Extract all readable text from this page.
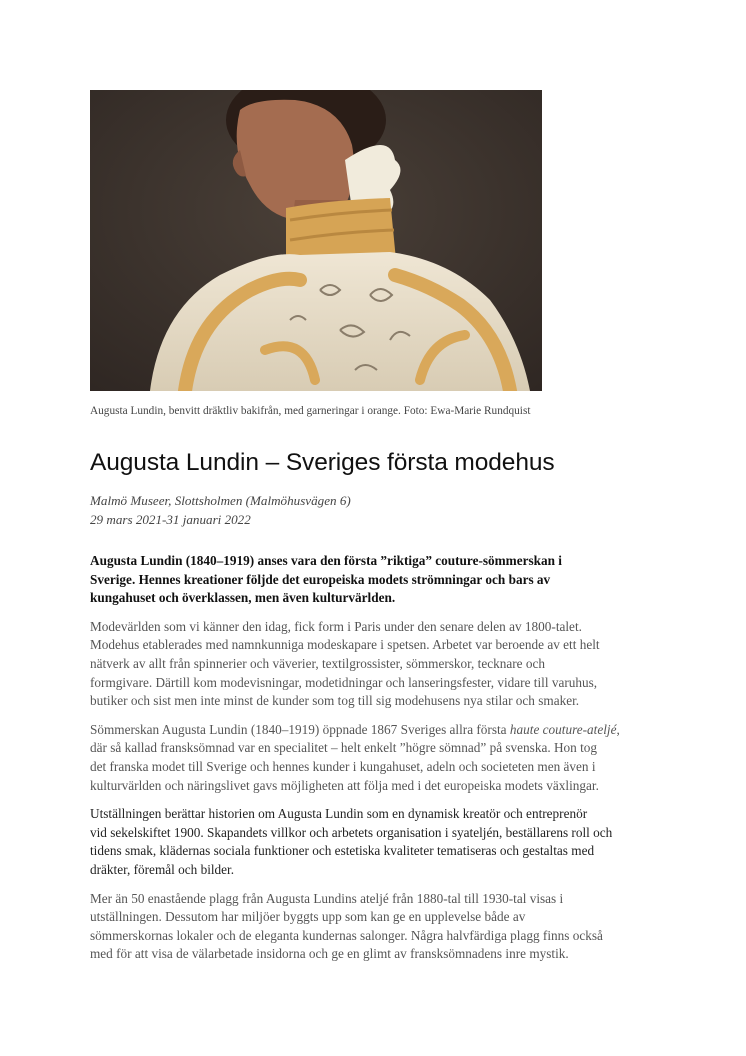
Augusta Lundin, benvitt dräktliv bakifrån, med garneringar i orange. Foto: Ewa-Marie Rundquist
Augusta Lundin – Sveriges första modehus
Malmö Museer, Slottsholmen (Malmöhusvägen 6)
29 mars 2021-31 januari 2022

Augusta Lundin (1840–1919) anses vara den första ”riktiga” couture-sömmerskan i
Sverige. Hennes kreationer följde det europeiska modets strömningar och bars av
kungahuset och överklassen, men även kulturvärlden.

Modevärlden som vi känner den idag, fick form i Paris under den senare delen av 1800-talet.
Modehus etablerades med namnkunniga modeskapare i spetsen. Arbetet var beroende av ett helt
nätverk av allt från spinnerier och väverier, textilgrossister, sömmerskor, tecknare och
formgivare. Därtill kom modevisningar, modetidningar och lanseringsfester, vidare till varuhus,
butiker och sist men inte minst de kunder som tog till sig modehusens nya stilar och smaker.

Sömmerskan Augusta Lundin (1840–1919) öppnade 1867 Sveriges allra första haute couture-ateljé,
där så kallad fransksömnad var en specialitet – helt enkelt ”högre sömnad” på svenska. Hon tog
det franska modet till Sverige och hennes kunder i kungahuset, adeln och societeten men även i
kulturvärlden och näringslivet gavs möjligheten att följa med i det europeiska modets växlingar.

Utställningen berättar historien om Augusta Lundin som en dynamisk kreatör och entreprenör
vid sekelskiftet 1900. Skapandets villkor och arbetets organisation i syateljén, beställarens roll och
tidens smak, klädernas sociala funktioner och estetiska kvaliteter tematiseras och gestaltas med
dräkter, föremål och bilder.

Mer än 50 enastående plagg från Augusta Lundins ateljé från 1880-tal till 1930-tal visas i
utställningen. Dessutom har miljöer byggts upp som kan ge en upplevelse både av
sömmerskornas lokaler och de eleganta kundernas salonger. Några halvfärdiga plagg finns också
med för att visa de välarbetade insidorna och ge en glimt av fransksömnadens inre mystik.
